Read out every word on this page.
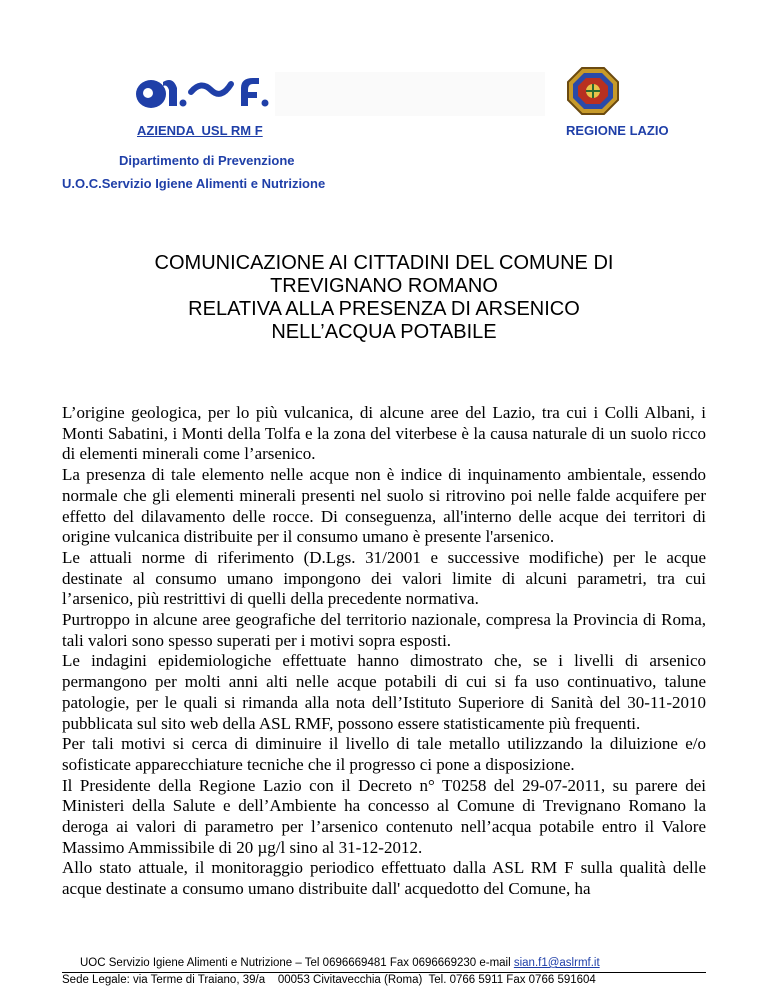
AZIENDA  USL RM F	REGIONE LAZIO
Dipartimento di Prevenzione
U.O.C.Servizio Igiene Alimenti e Nutrizione
COMUNICAZIONE AI CITTADINI DEL COMUNE DI
TREVIGNANO ROMANO
RELATIVA ALLA PRESENZA DI ARSENICO
NELL’ACQUA POTABILE

L’origine geologica, per lo più vulcanica, di alcune aree del Lazio, tra cui i Colli Albani, i Monti Sabatini, i Monti della Tolfa e la zona del viterbese è la causa naturale di un suolo ricco di elementi minerali come l’arsenico.

La presenza di tale elemento nelle acque non è indice di inquinamento ambientale, essendo normale che gli elementi minerali presenti nel suolo si ritrovino poi nelle falde acquifere per effetto del dilavamento delle rocce. Di conseguenza, all'interno delle acque dei territori di origine vulcanica distribuite per il consumo umano è presente l'arsenico.

Le attuali norme di riferimento (D.Lgs. 31/2001 e successive modifiche) per le acque destinate al consumo umano impongono dei valori limite di alcuni parametri, tra cui l’arsenico, più restrittivi di quelli della precedente normativa.

Purtroppo in alcune aree geografiche del territorio nazionale, compresa la Provincia di Roma, tali valori sono spesso superati per i motivi sopra esposti.

Le indagini epidemiologiche effettuate hanno dimostrato che, se i livelli di arsenico permangono per molti anni alti nelle acque potabili di cui si fa uso continuativo, talune patologie, per le quali si rimanda alla nota dell’Istituto Superiore di Sanità del 30-11-2010 pubblicata sul sito web della ASL RMF, possono essere statisticamente più frequenti.

Per tali motivi si cerca di diminuire il livello di tale metallo utilizzando la diluizione e/o sofisticate apparecchiature tecniche che il progresso ci pone a disposizione.

Il Presidente della Regione Lazio con il Decreto n° T0258 del 29-07-2011, su parere dei Ministeri della Salute e dell’Ambiente ha concesso al Comune di Trevignano Romano la deroga ai valori di parametro per l’arsenico contenuto nell’acqua potabile entro il Valore Massimo Ammissibile di 20 µg/l sino al 31-12-2012.

Allo stato attuale, il monitoraggio periodico effettuato dalla ASL RM F sulla qualità delle acque destinate a consumo umano distribuite dall' acquedotto del Comune, ha

UOC Servizio Igiene Alimenti e Nutrizione – Tel 0696669481 Fax 0696669230 e-mail sian.f1@aslrmf.it
Sede Legale: via Terme di Traiano, 39/a    00053 Civitavecchia (Roma)  Tel. 0766 5911 Fax 0766 591604
